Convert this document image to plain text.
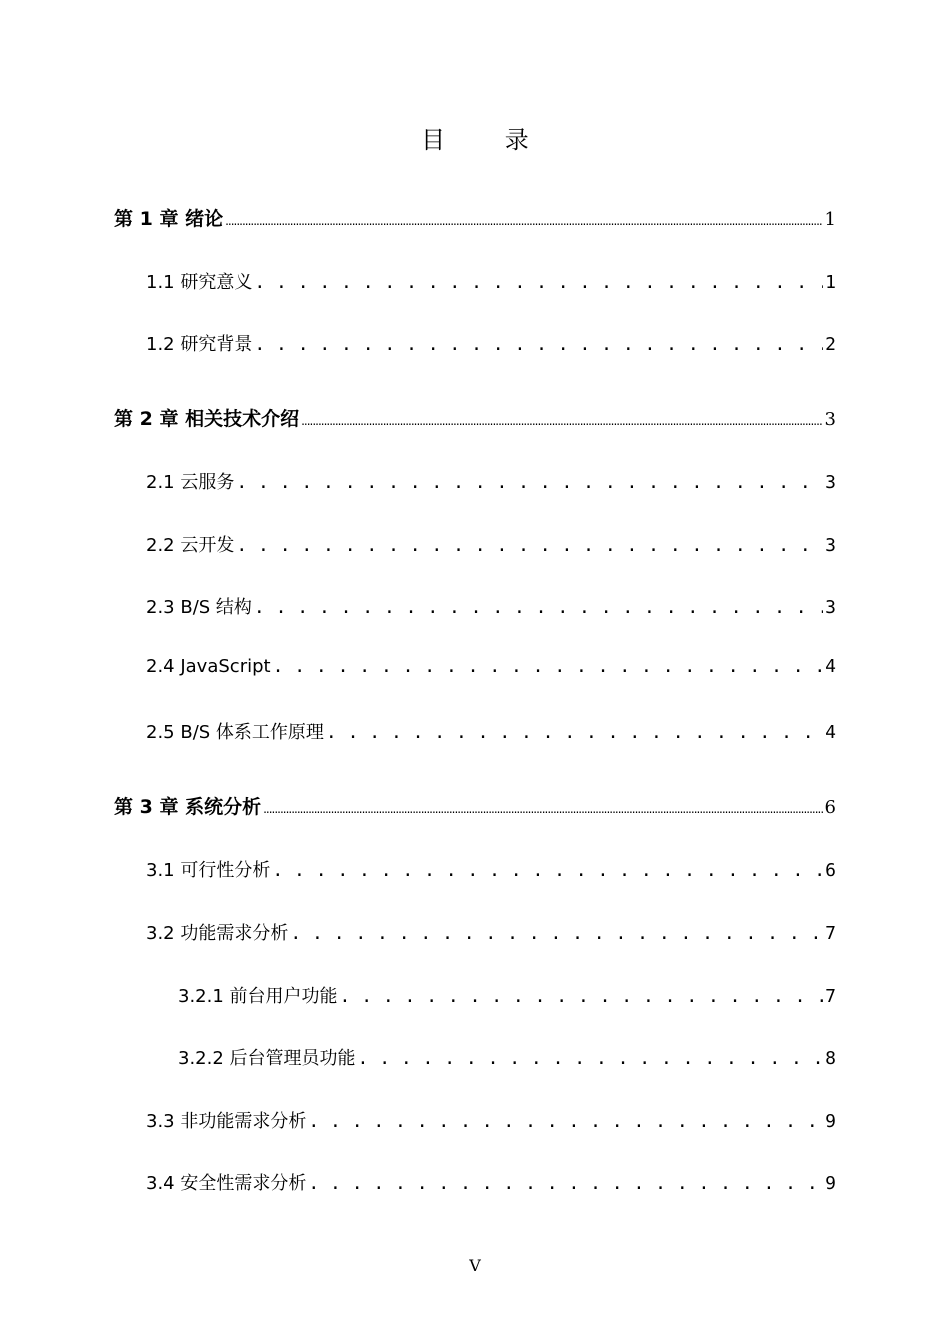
目 录
第 1 章 绪论 .....	1
1.1 研究意义 . . .	1
1.2 研究背景 . . .	2
第 2 章 相关技术介绍 .....	3
2.1 云服务 . . .	3
2.2 云开发 . . .	3
2.3 B/S 结构 . . .	3
2.4 JavaScript . . .	4
2.5 B/S 体系工作原理 . . .	4
第 3 章 系统分析 .....	6
3.1 可行性分析 . . .	6
3.2 功能需求分析 . . .	7
3.2.1 前台用户功能 . . .	7
3.2.2 后台管理员功能 . . .	8
3.3 非功能需求分析 . . .	9
3.4 安全性需求分析 . . .	9
V
